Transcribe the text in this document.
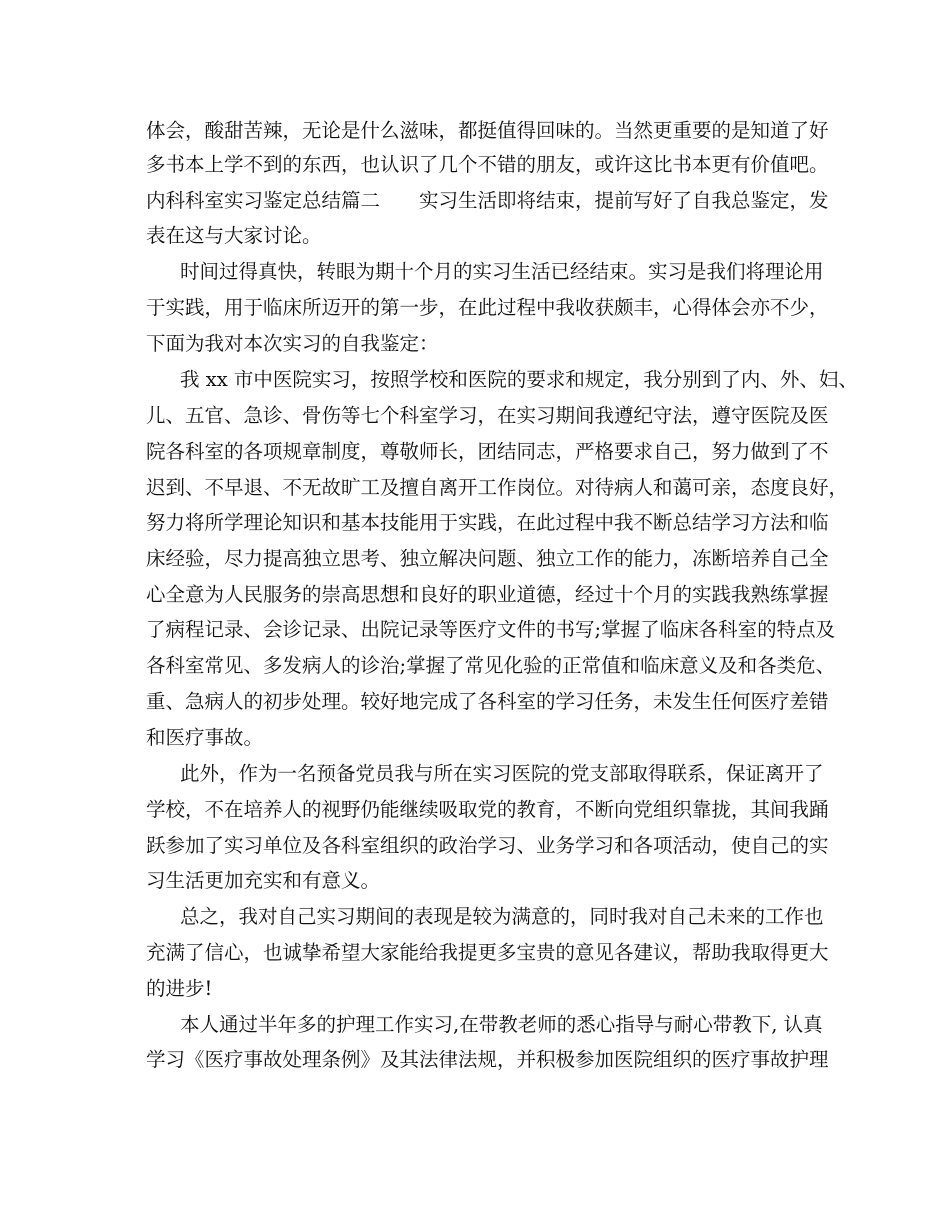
体会，酸甜苦辣，无论是什么滋味，都挺值得回味的。当然更重要的是知道了好
多书本上学不到的东西，也认识了几个不错的朋友，或许这比书本更有价值吧。
内科科室实习鉴定总结篇二　　实习生活即将结束，提前写好了自我总鉴定，发
表在这与大家讨论。
时间过得真快，转眼为期十个月的实习生活已经结束。实习是我们将理论用
于实践，用于临床所迈开的第一步，在此过程中我收获颇丰，心得体会亦不少，
下面为我对本次实习的自我鉴定：
我 xx 市中医院实习，按照学校和医院的要求和规定，我分别到了内、外、妇、
儿、五官、急诊、骨伤等七个科室学习，在实习期间我遵纪守法，遵守医院及医
院各科室的各项规章制度，尊敬师长，团结同志，严格要求自己，努力做到了不
迟到、不早退、不无故旷工及擅自离开工作岗位。对待病人和蔼可亲，态度良好，
努力将所学理论知识和基本技能用于实践，在此过程中我不断总结学习方法和临
床经验，尽力提高独立思考、独立解决问题、独立工作的能力，冻断培养自己全
心全意为人民服务的崇高思想和良好的职业道德，经过十个月的实践我熟练掌握
了病程记录、会诊记录、出院记录等医疗文件的书写;掌握了临床各科室的特点及
各科室常见、多发病人的诊治;掌握了常见化验的正常值和临床意义及和各类危、
重、急病人的初步处理。较好地完成了各科室的学习任务，未发生任何医疗差错
和医疗事故。
此外，作为一名预备党员我与所在实习医院的党支部取得联系，保证离开了
学校，不在培养人的视野仍能继续吸取党的教育，不断向党组织靠拢，其间我踊
跃参加了实习单位及各科室组织的政治学习、业务学习和各项活动，使自己的实
习生活更加充实和有意义。
总之，我对自己实习期间的表现是较为满意的，同时我对自己未来的工作也
充满了信心，也诚挚希望大家能给我提更多宝贵的意见各建议，帮助我取得更大
的进步!
本人通过半年多的护理工作实习,在带教老师的悉心指导与耐心带教下, 认真
学习《医疗事故处理条例》及其法律法规，并积极参加医院组织的医疗事故护理
